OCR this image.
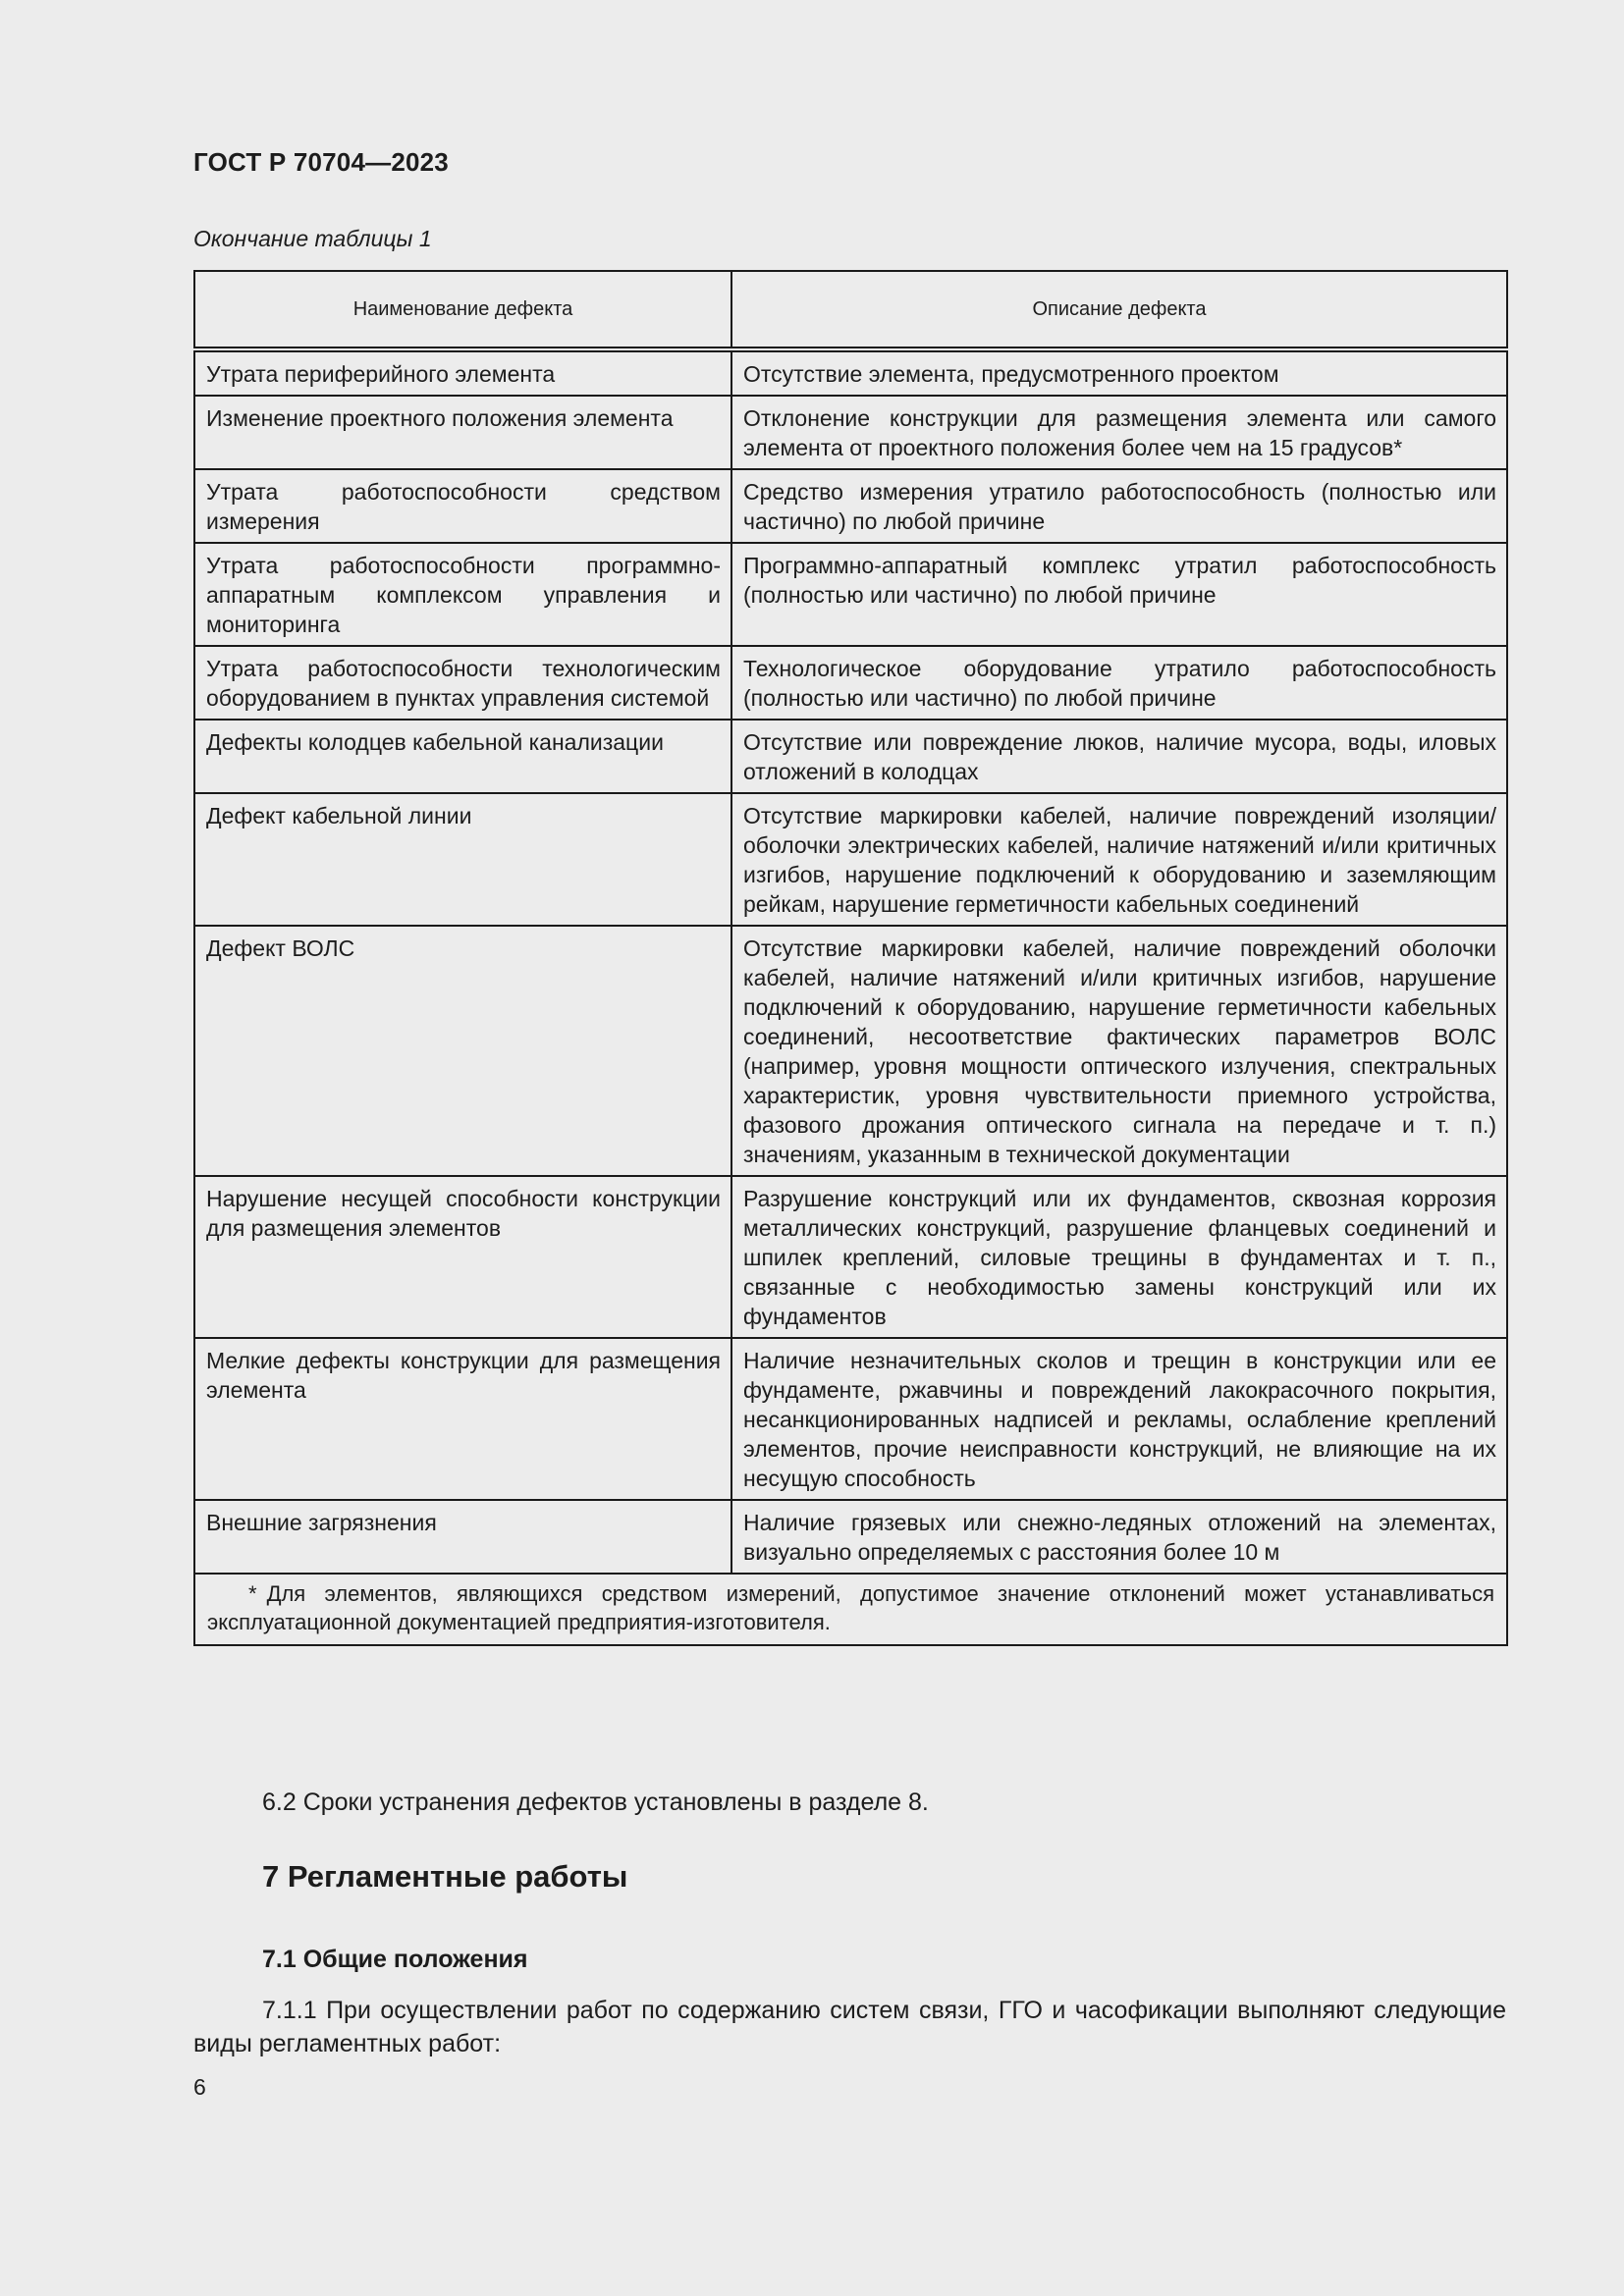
ГОСТ Р 70704—2023
Окончание таблицы 1
Наименование дефекта	Описание дефекта
Утрата периферийного элемента	Отсутствие элемента, предусмотренного проектом
Изменение проектного положения элемента	Отклонение конструкции для размещения элемента или самого элемента от проектного положения более чем на 15 градусов*
Утрата работоспособности средством измерения	Средство измерения утратило работоспособность (полностью или частично) по любой причине
Утрата работоспособности программно-аппаратным комплексом управления и мониторинга	Программно-аппаратный комплекс утратил работоспособность (полностью или частично) по любой причине
Утрата работоспособности технологическим оборудованием в пунктах управления системой	Технологическое оборудование утратило работоспособность (полностью или частично) по любой причине
Дефекты колодцев кабельной канализации	Отсутствие или повреждение люков, наличие мусора, воды, иловых отложений в колодцах
Дефект кабельной линии	Отсутствие маркировки кабелей, наличие повреждений изоляции/оболочки электрических кабелей, наличие натяжений и/или критичных изгибов, нарушение подключений к оборудованию и заземляющим рейкам, нарушение герметичности кабельных соединений
Дефект ВОЛС	Отсутствие маркировки кабелей, наличие повреждений оболочки кабелей, наличие натяжений и/или критичных изгибов, нарушение подключений к оборудованию, нарушение герметичности кабельных соединений, несоответствие фактических параметров ВОЛС (например, уровня мощности оптического излучения, спектральных характеристик, уровня чувствительности приемного устройства, фазового дрожания оптического сигнала на передаче и т. п.) значениям, указанным в технической документации
Нарушение несущей способности конструкции для размещения элементов	Разрушение конструкций или их фундаментов, сквозная коррозия металлических конструкций, разрушение фланцевых соединений и шпилек креплений, силовые трещины в фундаментах и т. п., связанные с необходимостью замены конструкций или их фундаментов
Мелкие дефекты конструкции для размещения элемента	Наличие незначительных сколов и трещин в конструкции или ее фундаменте, ржавчины и повреждений лакокрасочного покрытия, несанкционированных надписей и рекламы, ослабление креплений элементов, прочие неисправности конструкций, не влияющие на их несущую способность
Внешние загрязнения	Наличие грязевых или снежно-ледяных отложений на элементах, визуально определяемых с расстояния более 10 м
* Для элементов, являющихся средством измерений, допустимое значение отклонений может устанавливаться эксплуатационной документацией предприятия-изготовителя.	
6.2 Сроки устранения дефектов установлены в разделе 8.
7 Регламентные работы
7.1 Общие положения
7.1.1 При осуществлении работ по содержанию систем связи, ГГО и часофикации выполняют следующие виды регламентных работ:
6
